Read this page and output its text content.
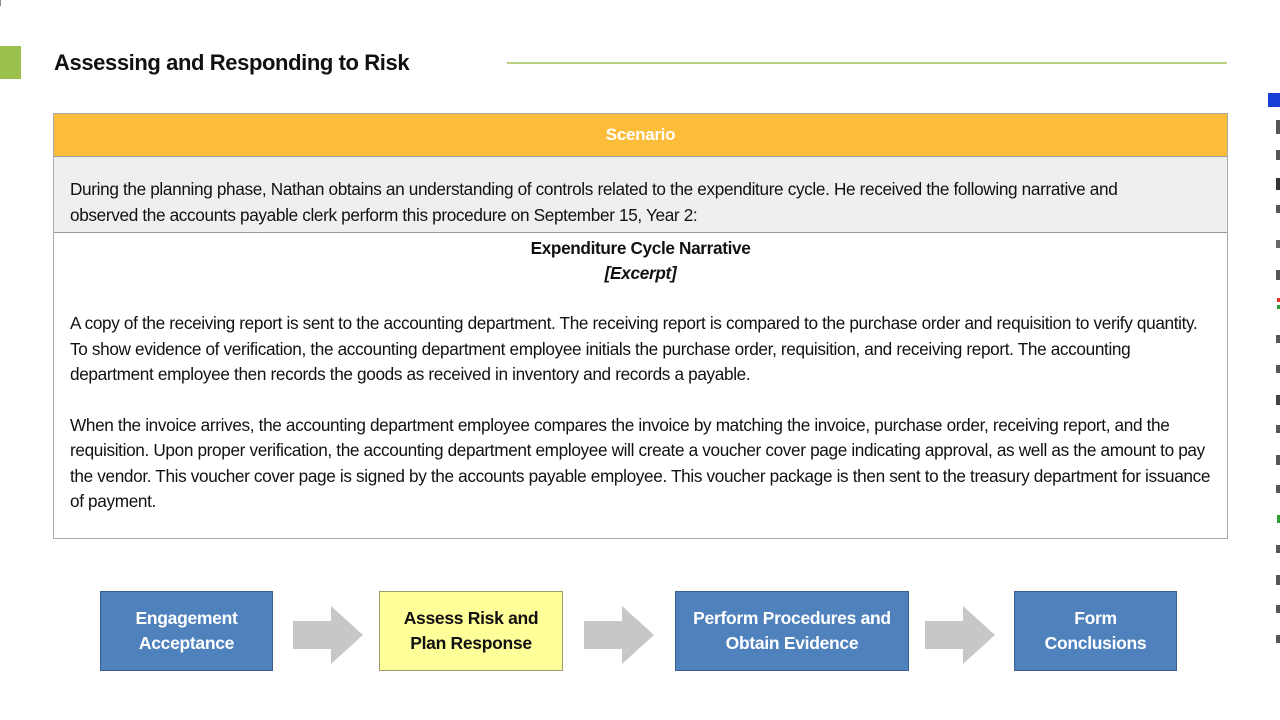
Assessing and Responding to Risk
Scenario
During the planning phase, Nathan obtains an understanding of controls related to the expenditure cycle. He received the following narrative and
observed the accounts payable clerk perform this procedure on September 15, Year 2:
Expenditure Cycle Narrative
[Excerpt]
A copy of the receiving report is sent to the accounting department. The receiving report is compared to the purchase order and requisition to verify quantity. To show evidence of verification, the accounting department employee initials the purchase order, requisition, and receiving report. The accounting department employee then records the goods as received in inventory and records a payable.
When the invoice arrives, the accounting department employee compares the invoice by matching the invoice, purchase order, receiving report, and the requisition. Upon proper verification, the accounting department employee will create a voucher cover page indicating approval, as well as the amount to pay the vendor. This voucher cover page is signed by the accounts payable employee. This voucher package is then sent to the treasury department for issuance of payment.
Engagement
Acceptance
Assess Risk and
Plan Response
Perform Procedures and
Obtain Evidence
Form
Conclusions
